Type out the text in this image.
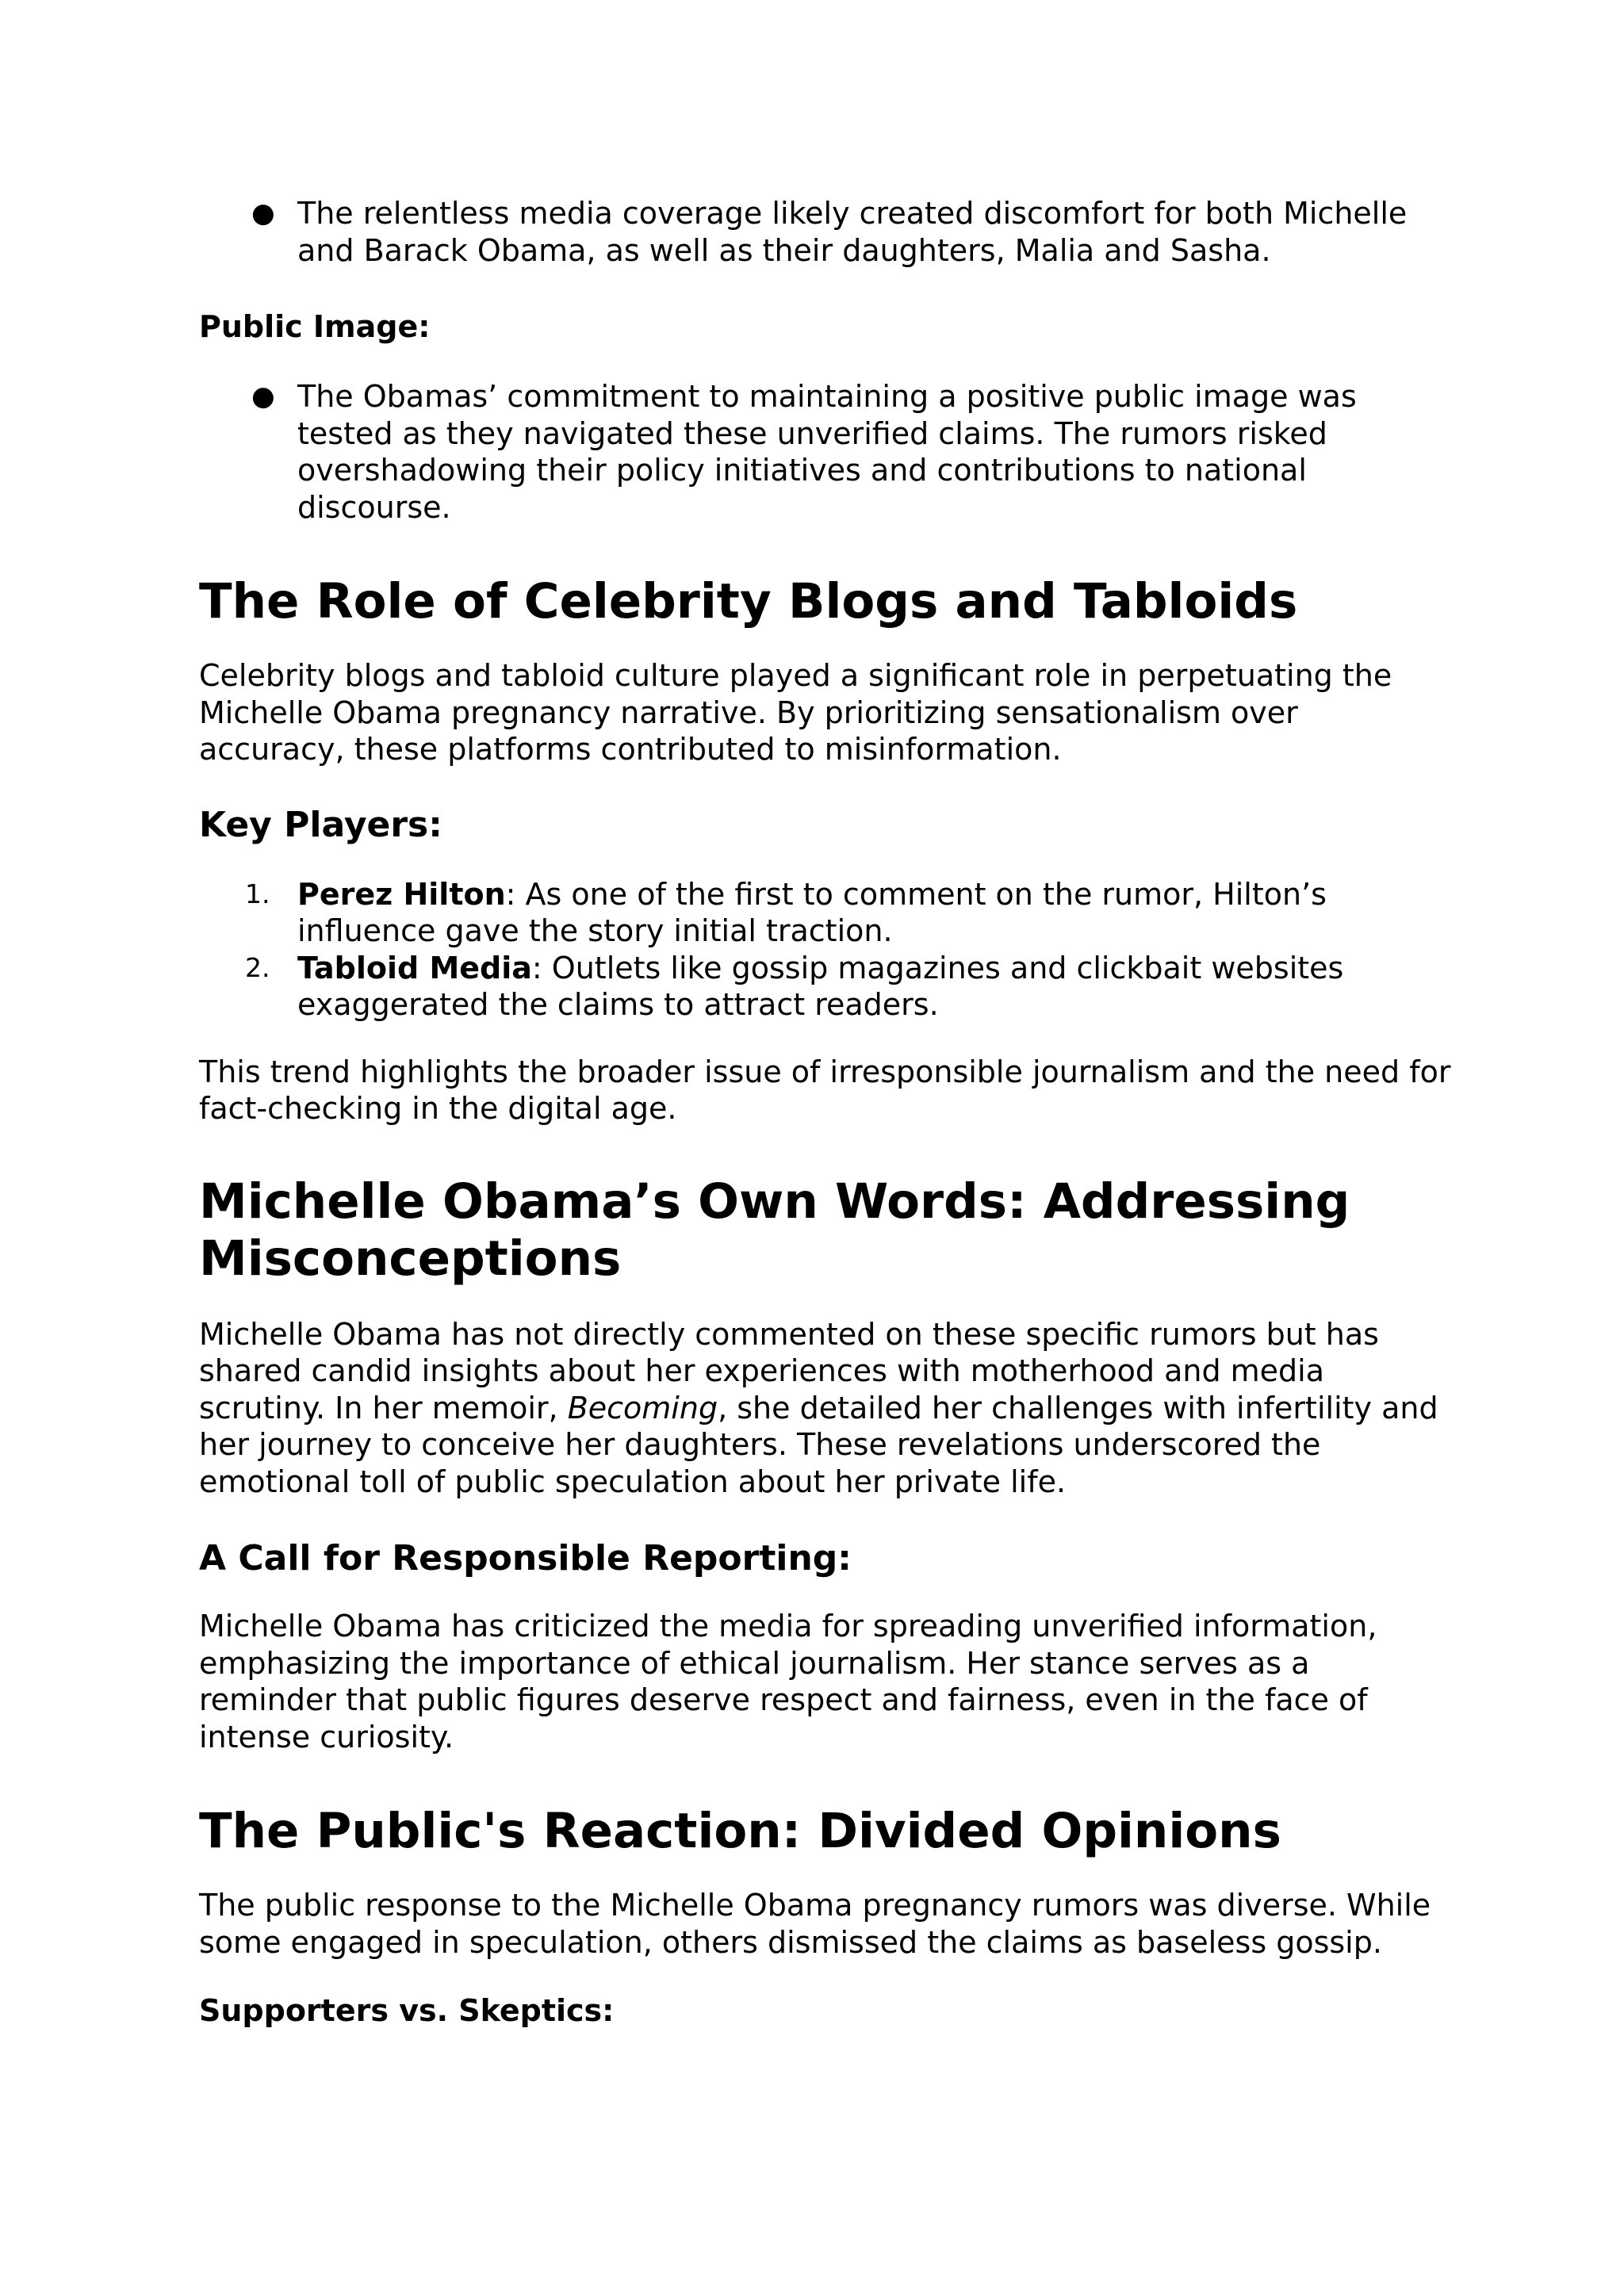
● The relentless media coverage likely created discomfort for both Michelle and Barack Obama, as well as their daughters, Malia and Sasha.
Public Image:
● The Obamas’ commitment to maintaining a positive public image was tested as they navigated these unverified claims. The rumors risked overshadowing their policy initiatives and contributions to national discourse.
The Role of Celebrity Blogs and Tabloids

Celebrity blogs and tabloid culture played a significant role in perpetuating the Michelle Obama pregnancy narrative. By prioritizing sensationalism over accuracy, these platforms contributed to misinformation.

Key Players:
1. Perez Hilton: As one of the first to comment on the rumor, Hilton’s influence gave the story initial traction.
2. Tabloid Media: Outlets like gossip magazines and clickbait websites exaggerated the claims to attract readers.

This trend highlights the broader issue of irresponsible journalism and the need for fact-checking in the digital age.

Michelle Obama’s Own Words: Addressing Misconceptions

Michelle Obama has not directly commented on these specific rumors but has shared candid insights about her experiences with motherhood and media scrutiny. In her memoir, Becoming, she detailed her challenges with infertility and her journey to conceive her daughters. These revelations underscored the emotional toll of public speculation about her private life.

A Call for Responsible Reporting:

Michelle Obama has criticized the media for spreading unverified information, emphasizing the importance of ethical journalism. Her stance serves as a reminder that public figures deserve respect and fairness, even in the face of intense curiosity.

The Public's Reaction: Divided Opinions

The public response to the Michelle Obama pregnancy rumors was diverse. While some engaged in speculation, others dismissed the claims as baseless gossip.

Supporters vs. Skeptics:
